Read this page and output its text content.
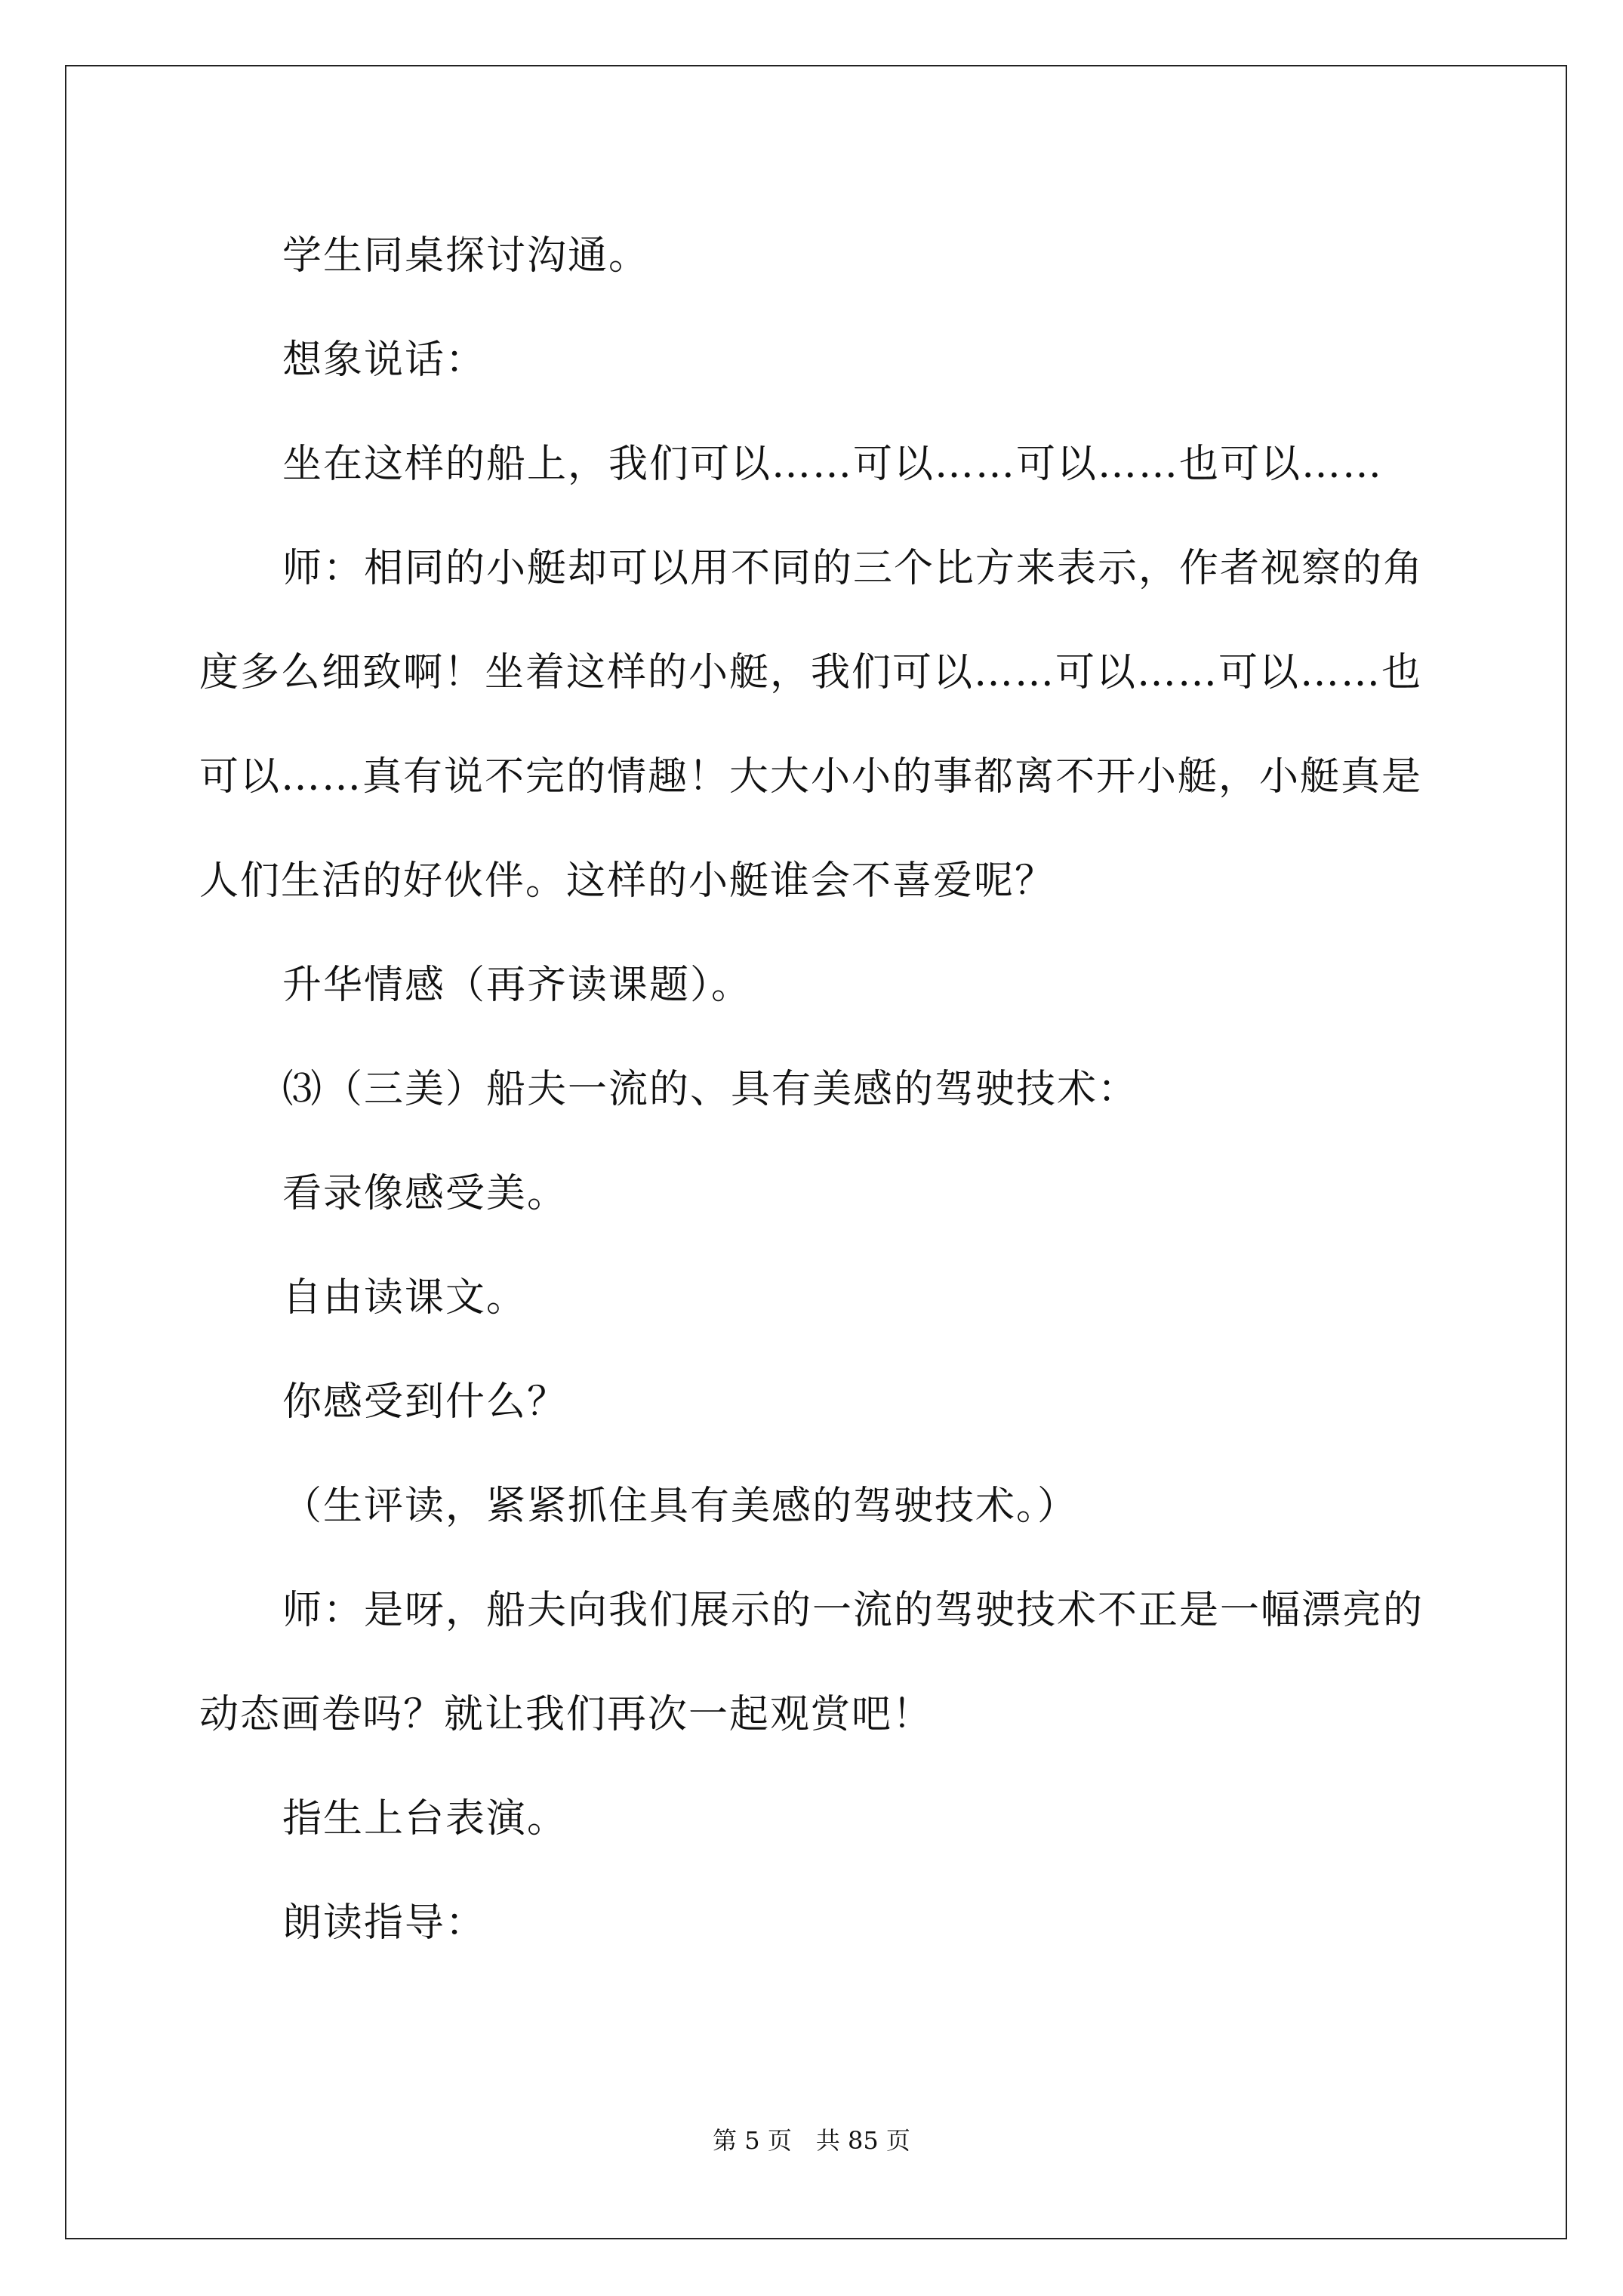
学生同桌探讨沟通。

想象说话：

坐在这样的船上，我们可以……可以……可以……也可以……

师：相同的小艇却可以用不同的三个比方来表示，作者视察的角度多么细致啊！坐着这样的小艇，我们可以……可以……可以……也可以……真有说不完的情趣！大大小小的事都离不开小艇，小艇真是人们生活的好伙伴。这样的小艇谁会不喜爱呢？

升华情感（再齐读课题）。

⑶（三美）船夫一流的、具有美感的驾驶技术：

看录像感受美。

自由读课文。

你感受到什么？

（生评读，紧紧抓住具有美感的驾驶技术。）

师：是呀，船夫向我们展示的一流的驾驶技术不正是一幅漂亮的动态画卷吗？就让我们再次一起观赏吧！

指生上台表演。

朗读指导：

第 5 页　共 85 页
